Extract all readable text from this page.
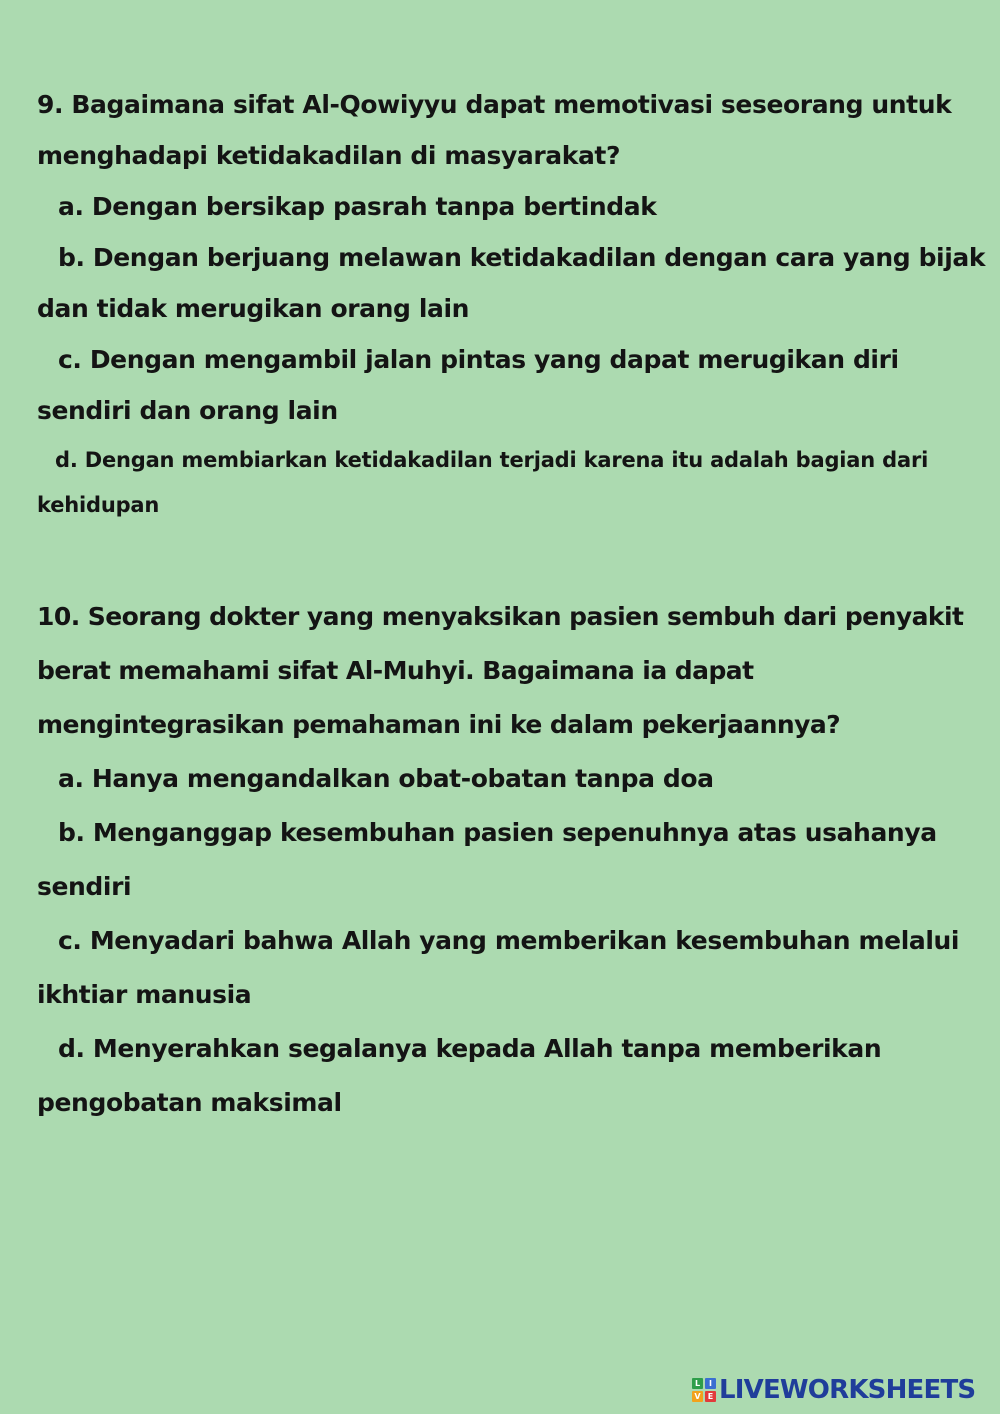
9. Bagaimana sifat Al-Qowiyyu dapat memotivasi seseorang untuk menghadapi ketidakadilan di masyarakat?

a. Dengan bersikap pasrah tanpa bertindak

b. Dengan berjuang melawan ketidakadilan dengan cara yang bijak dan tidak merugikan orang lain

c. Dengan mengambil jalan pintas yang dapat merugikan diri sendiri dan orang lain

d. Dengan membiarkan ketidakadilan terjadi karena itu adalah bagian dari kehidupan

10. Seorang dokter yang menyaksikan pasien sembuh dari penyakit berat memahami sifat Al-Muhyi. Bagaimana ia dapat mengintegrasikan pemahaman ini ke dalam pekerjaannya?

a. Hanya mengandalkan obat-obatan tanpa doa

b. Menganggap kesembuhan pasien sepenuhnya atas usahanya sendiri

c. Menyadari bahwa Allah yang memberikan kesembuhan melalui ikhtiar manusia

d. Menyerahkan segalanya kepada Allah tanpa memberikan pengobatan maksimal

L	I
V E LIVEWORKSHEETS
